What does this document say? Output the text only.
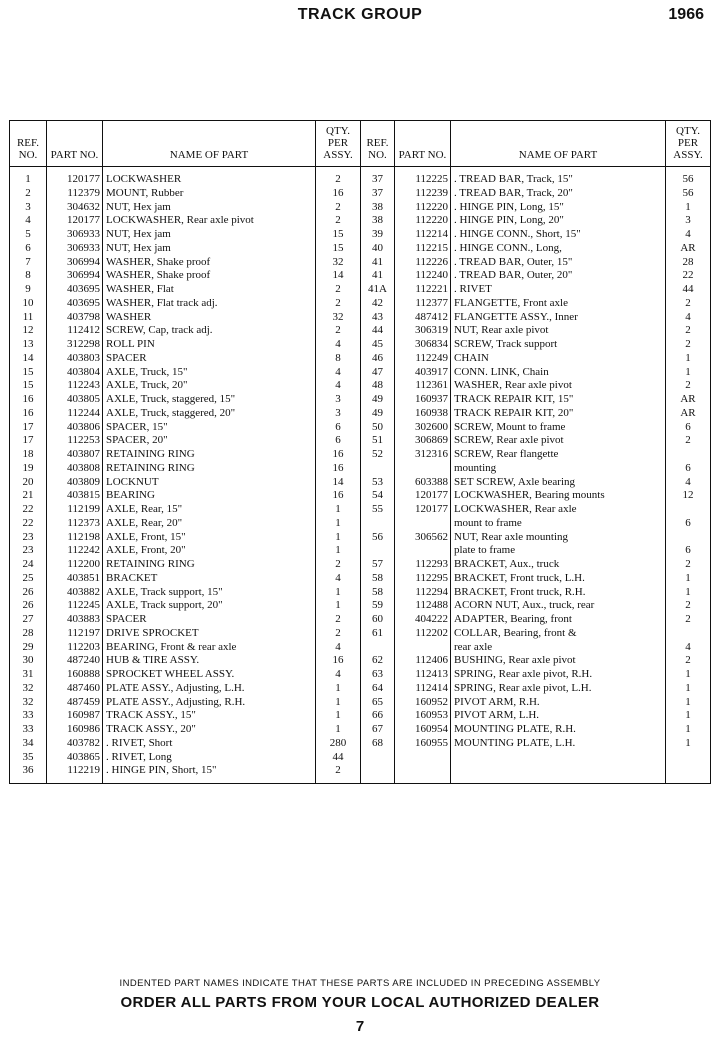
TRACK GROUP	1966
REF. NO.	PART NO.	NAME OF PART	QTY. PER ASSY.	REF. NO.	PART NO.	NAME OF PART	QTY. PER ASSY.
1	120177	LOCKWASHER	2	37	112225	. TREAD BAR, Track, 15"	56
2	112379	MOUNT, Rubber	16	37	112239	. TREAD BAR, Track, 20"	56
3	304632	NUT, Hex jam	2	38	112220	. HINGE PIN, Long, 15"	1
4	120177	LOCKWASHER, Rear axle pivot	2	38	112220	. HINGE PIN, Long, 20"	3
5	306933	NUT, Hex jam	15	39	112214	. HINGE CONN., Short, 15"	4
6	306933	NUT, Hex jam	15	40	112215	. HINGE CONN., Long,	AR
7	306994	WASHER, Shake proof	32	41	112226	. TREAD BAR, Outer, 15"	28
8	306994	WASHER, Shake proof	14	41	112240	. TREAD BAR, Outer, 20"	22
9	403695	WASHER, Flat	2	41A	112221	. RIVET	44
10	403695	WASHER, Flat track adj.	2	42	112377	FLANGETTE, Front axle	2
11	403798	WASHER	32	43	487412	FLANGETTE ASSY., Inner	4
12	112412	SCREW, Cap, track adj.	2	44	306319	NUT, Rear axle pivot	2
13	312298	ROLL PIN	4	45	306834	SCREW, Track support	2
14	403803	SPACER	8	46	112249	CHAIN	1
15	403804	AXLE, Truck, 15"	4	47	403917	CONN. LINK, Chain	1
15	112243	AXLE, Truck, 20"	4	48	112361	WASHER, Rear axle pivot	2
16	403805	AXLE, Truck, staggered, 15"	3	49	160937	TRACK REPAIR KIT, 15"	AR
16	112244	AXLE, Truck, staggered, 20"	3	49	160938	TRACK REPAIR KIT, 20"	AR
17	403806	SPACER, 15"	6	50	302600	SCREW, Mount to frame	6
17	112253	SPACER, 20"	6	51	306869	SCREW, Rear axle pivot	2
18	403807	RETAINING RING	16	52	312316	SCREW, Rear flangette	
19	403808	RETAINING RING	16			mounting	6
20	403809	LOCKNUT	14	53	603388	SET SCREW, Axle bearing	4
21	403815	BEARING	16	54	120177	LOCKWASHER, Bearing mounts	12
22	112199	AXLE, Rear, 15"	1	55	120177	LOCKWASHER, Rear axle	
22	112373	AXLE, Rear, 20"	1			mount to frame	6
23	112198	AXLE, Front, 15"	1	56	306562	NUT, Rear axle mounting	
23	112242	AXLE, Front, 20"	1			plate to frame	6
24	112200	RETAINING RING	2	57	112293	BRACKET, Aux., truck	2
25	403851	BRACKET	4	58	112295	BRACKET, Front truck, L.H.	1
26	403882	AXLE, Track support, 15"	1	58	112294	BRACKET, Front truck, R.H.	1
26	112245	AXLE, Track support, 20"	1	59	112488	ACORN NUT, Aux., truck, rear	2
27	403883	SPACER	2	60	404222	ADAPTER, Bearing, front	2
28	112197	DRIVE SPROCKET	2	61	112202	COLLAR, Bearing, front &	
29	112203	BEARING, Front & rear axle	4			rear axle	4
30	487240	HUB & TIRE ASSY.	16	62	112406	BUSHING, Rear axle pivot	2
31	160888	SPROCKET WHEEL ASSY.	4	63	112413	SPRING, Rear axle pivot, R.H.	1
32	487460	PLATE ASSY., Adjusting, L.H.	1	64	112414	SPRING, Rear axle pivot, L.H.	1
32	487459	PLATE ASSY., Adjusting, R.H.	1	65	160952	PIVOT ARM, R.H.	1
33	160987	TRACK ASSY., 15"	1	66	160953	PIVOT ARM, L.H.	1
33	160986	TRACK ASSY., 20"	1	67	160954	MOUNTING PLATE, R.H.	1
34	403782	. RIVET, Short	280	68	160955	MOUNTING PLATE, L.H.	1
35	403865	. RIVET, Long	44				
36	112219	. HINGE PIN, Short, 15"	2				
INDENTED PART NAMES INDICATE THAT THESE PARTS ARE INCLUDED IN PRECEDING ASSEMBLY
ORDER ALL PARTS FROM YOUR LOCAL AUTHORIZED DEALER
7
